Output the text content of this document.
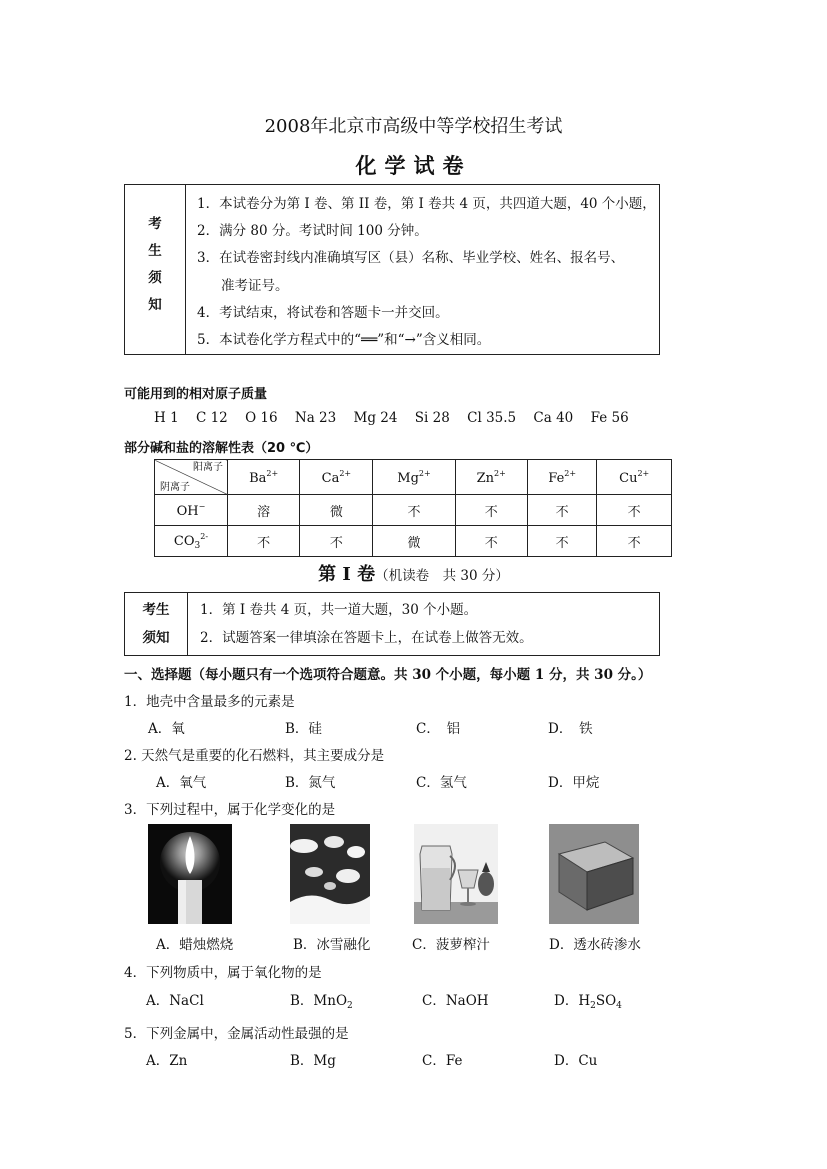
2008年北京市高级中等学校招生考试
化学试卷
考
生
须
知

1．本试卷分为第 I 卷、第 II 卷，第 I 卷共 4 页，共四道大题，40 个小题，
2．满分 80 分。考试时间 100 分钟。
3．在试卷密封线内准确填写区（县）名称、毕业学校、姓名、报名号、
准考证号。
4．考试结束，将试卷和答题卡一并交回。
5．本试卷化学方程式中的“══”和“→”含义相同。
可能用到的相对原子质量
H 1 C 12 O 16 Na 23 Mg 24 Si 28 Cl 35.5 Ca 40 Fe 56
部分碱和盐的溶解性表（20 ℃）
阳离子
阴离子	$Ba^{2+}$	$Ca^{2+}$	$Mg^{2+}$	$Zn^{2+}$	$Fe^{2+}$	$Cu^{2+}$
OH−	溶	微	不	不	不	不
$CO_3^{2-}$	不	不	微	不	不	不
第 I 卷（机读卷　共 30 分）
考生
须知

1．第 I 卷共 4 页，共一道大题，30 个小题。
2．试题答案一律填涂在答题卡上，在试卷上做答无效。
一、选择题（每小题只有一个选项符合题意。共 30 个小题，每小题 1 分，共 30 分。）
1．地壳中含量最多的元素是
A．氧	B．硅	C．　铝	D．　铁
2. 天然气是重要的化石燃料，其主要成分是
A．氧气	B．氮气	C．氢气	D．甲烷
3．下列过程中，属于化学变化的是
A．蜡烛燃烧	B．冰雪融化	C．菠萝榨汁	D．透水砖渗水
4．下列物质中，属于氧化物的是
A．NaCl	B．MnO$_2$	C．NaOH	D．$H_2SO_4$
5．下列金属中，金属活动性最强的是
A．Zn	B．Mg	C．Fe	D．Cu
